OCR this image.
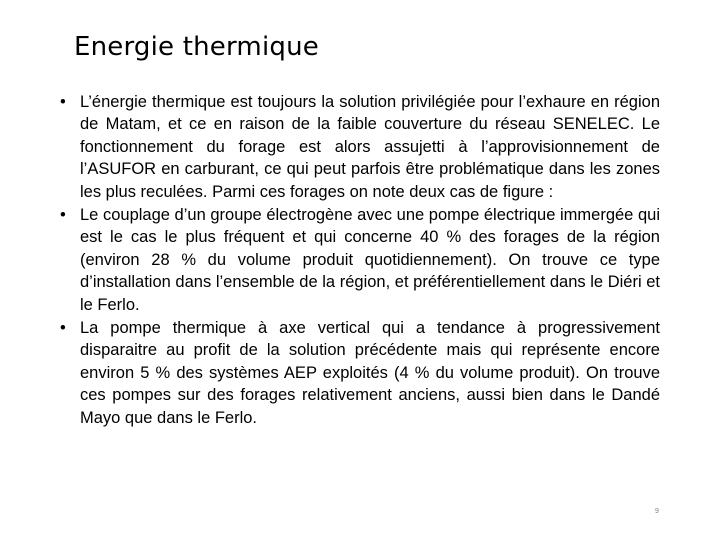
Energie thermique
• L’énergie thermique est toujours la solution privilégiée pour l’exhaure en région de Matam, et ce en raison de la faible couverture du réseau SENELEC. Le fonctionnement du forage est alors assujetti à l’approvisionnement de l’ASUFOR en carburant, ce qui peut parfois être problématique dans les zones les plus reculées. Parmi ces forages on note deux cas de figure :
• Le couplage d’un groupe électrogène avec une pompe électrique immergée qui est le cas le plus fréquent et qui concerne 40 % des forages de la région (environ 28 % du volume produit quotidiennement). On trouve ce type d’installation dans l’ensemble de la région, et préférentiellement dans le Diéri et le Ferlo.
• La pompe thermique à axe vertical qui a tendance à progressivement disparaitre au profit de la solution précédente mais qui représente encore environ 5 % des systèmes AEP exploités (4 % du volume produit). On trouve ces pompes sur des forages relativement anciens, aussi bien dans le Dandé Mayo que dans le Ferlo.
9
